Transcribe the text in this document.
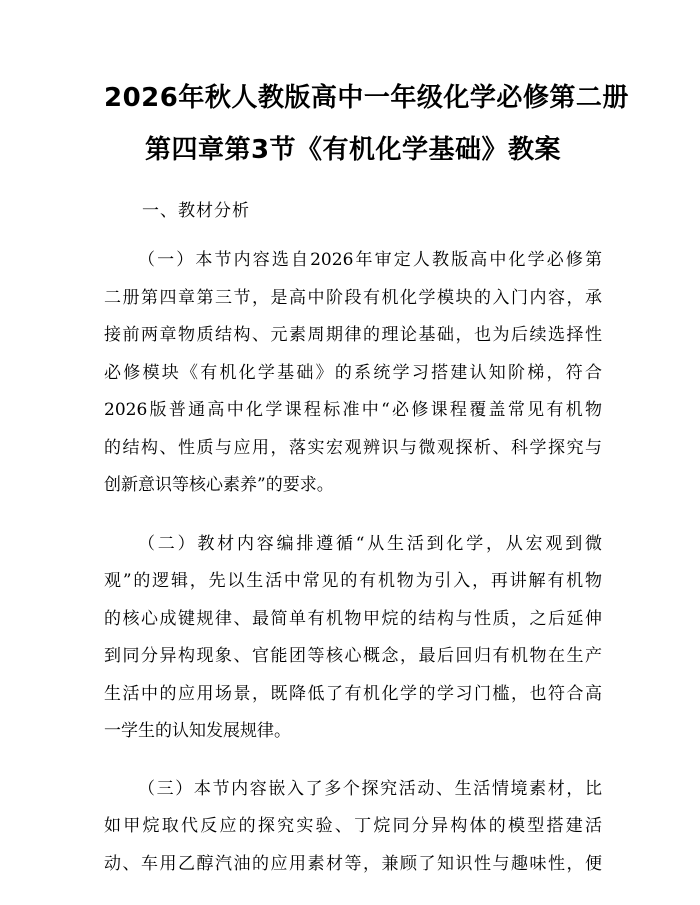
2026年秋人教版高中一年级化学必修第二册

第四章第3节《有机化学基础》教案

一、教材分析

（一）本节内容选自2026年审定人教版高中化学必修第
二册第四章第三节，是高中阶段有机化学模块的入门内容，承
接前两章物质结构、元素周期律的理论基础，也为后续选择性
必修模块《有机化学基础》的系统学习搭建认知阶梯，符合
2026版普通高中化学课程标准中“必修课程覆盖常见有机物
的结构、性质与应用，落实宏观辨识与微观探析、科学探究与
创新意识等核心素养”的要求。

（二）教材内容编排遵循“从生活到化学，从宏观到微
观”的逻辑，先以生活中常见的有机物为引入，再讲解有机物
的核心成键规律、最简单有机物甲烷的结构与性质，之后延伸
到同分异构现象、官能团等核心概念，最后回归有机物在生产
生活中的应用场景，既降低了有机化学的学习门槛，也符合高
一学生的认知发展规律。

（三）本节内容嵌入了多个探究活动、生活情境素材，比
如甲烷取代反应的探究实验、丁烷同分异构体的模型搭建活
动、车用乙醇汽油的应用素材等，兼顾了知识性与趣味性，便
